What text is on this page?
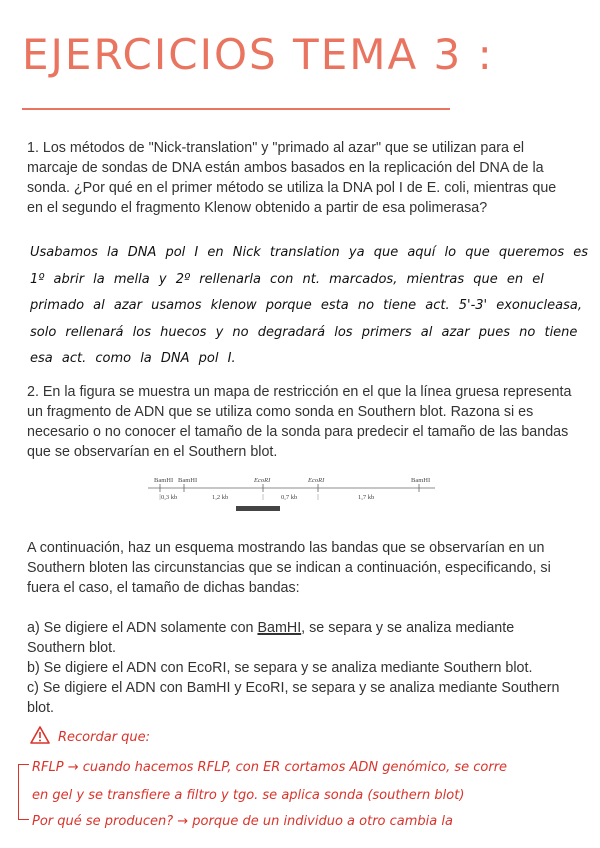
EJERCICIOS TEMA 3 :

1. Los métodos de "Nick-translation" y "primado al azar" que se utilizan para el marcaje de sondas de DNA están ambos basados en la replicación del DNA de la sonda. ¿Por qué en el primer método se utiliza la DNA pol I de E. coli, mientras que en el segundo el fragmento Klenow obtenido a partir de esa polimerasa?

Usabamos la DNA pol I en Nick translation ya que aquí lo que queremos es 1º abrir la mella y 2º rellenarla con nt. marcados, mientras que en el primado al azar usamos klenow porque esta no tiene act. 5'-3' exonucleasa, solo rellenará los huecos y no degradará los primers al azar pues no tiene esa act. como la DNA pol I.

2. En la figura se muestra un mapa de restricción en el que la línea gruesa representa un fragmento de ADN que se utiliza como sonda en Southern blot. Razona si es necesario o no conocer el tamaño de la sonda para predecir el tamaño de las bandas que se observarían en el Southern blot.

BamHI BamHI	EcoRI	EcoRI	BamHI
0,3 kb	1,2 kb	0,7 kb	1,7 kb

A continuación, haz un esquema mostrando las bandas que se observarían en un Southern bloten las circunstancias que se indican a continuación, especificando, si fuera el caso, el tamaño de dichas bandas:

a) Se digiere el ADN solamente con BamHI, se separa y se analiza mediante Southern blot.

b) Se digiere el ADN con EcoRI, se separa y se analiza mediante Southern blot.

c) Se digiere el ADN con BamHI y EcoRI, se separa y se analiza mediante Southern blot.

Recordar que:
RFLP → cuando hacemos RFLP, con ER cortamos ADN genómico, se corre
en gel y se transfiere a filtro y tgo. se aplica sonda (southern blot)
Por qué se producen? → porque de un individuo a otro cambia la
